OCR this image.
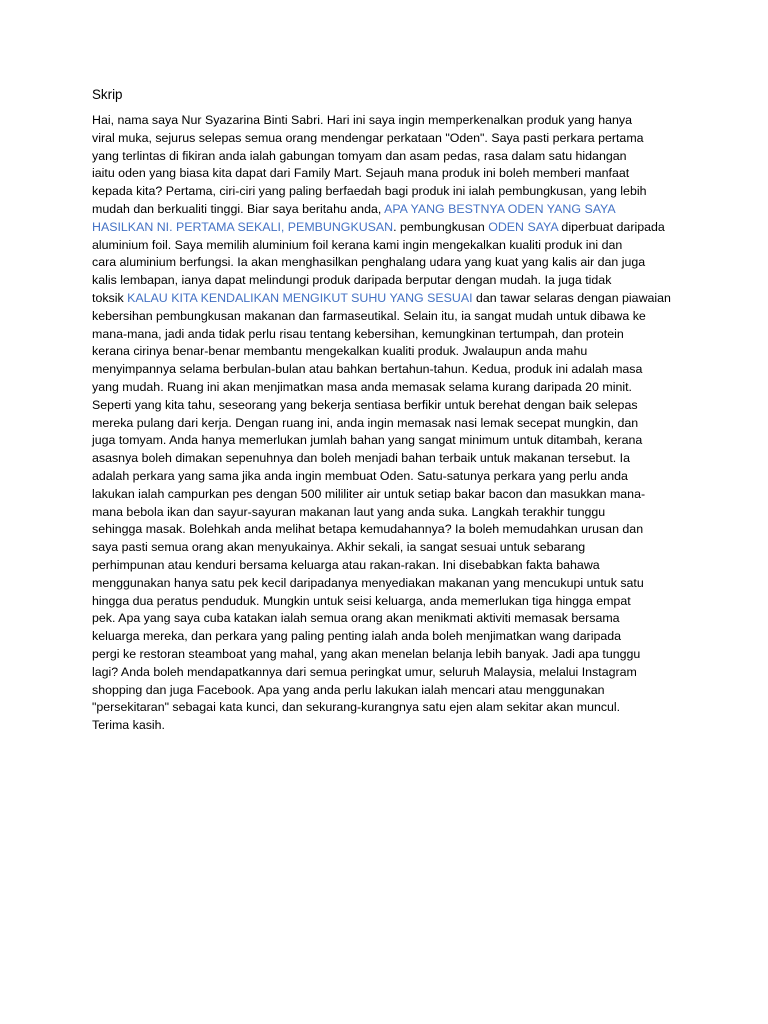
Skrip
Hai, nama saya Nur Syazarina Binti Sabri. Hari ini saya ingin memperkenalkan produk yang hanya
viral muka, sejurus selepas semua orang mendengar perkataan "Oden". Saya pasti perkara pertama
yang terlintas di fikiran anda ialah gabungan tomyam dan asam pedas, rasa dalam satu hidangan
iaitu oden yang biasa kita dapat dari Family Mart. Sejauh mana produk ini boleh memberi manfaat
kepada kita? Pertama, ciri-ciri yang paling berfaedah bagi produk ini ialah pembungkusan, yang lebih
mudah dan berkualiti tinggi. Biar saya beritahu anda, APA YANG BESTNYA ODEN YANG SAYA
HASILKAN NI. PERTAMA SEKALI, PEMBUNGKUSAN. pembungkusan ODEN SAYA diperbuat daripada
aluminium foil. Saya memilih aluminium foil kerana kami ingin mengekalkan kualiti produk ini dan
cara aluminium berfungsi. Ia akan menghasilkan penghalang udara yang kuat yang kalis air dan juga
kalis lembapan, ianya dapat melindungi produk daripada berputar dengan mudah. Ia juga tidak
toksik KALAU KITA KENDALIKAN MENGIKUT SUHU YANG SESUAI dan tawar selaras dengan piawaian
kebersihan pembungkusan makanan dan farmaseutikal. Selain itu, ia sangat mudah untuk dibawa ke
mana-mana, jadi anda tidak perlu risau tentang kebersihan, kemungkinan tertumpah, dan protein
kerana cirinya benar-benar membantu mengekalkan kualiti produk. Jwalaupun anda mahu
menyimpannya selama berbulan-bulan atau bahkan bertahun-tahun. Kedua, produk ini adalah masa
yang mudah. Ruang ini akan menjimatkan masa anda memasak selama kurang daripada 20 minit.
Seperti yang kita tahu, seseorang yang bekerja sentiasa berfikir untuk berehat dengan baik selepas
mereka pulang dari kerja. Dengan ruang ini, anda ingin memasak nasi lemak secepat mungkin, dan
juga tomyam. Anda hanya memerlukan jumlah bahan yang sangat minimum untuk ditambah, kerana
asasnya boleh dimakan sepenuhnya dan boleh menjadi bahan terbaik untuk makanan tersebut. Ia
adalah perkara yang sama jika anda ingin membuat Oden. Satu-satunya perkara yang perlu anda
lakukan ialah campurkan pes dengan 500 mililiter air untuk setiap bakar bacon dan masukkan mana-
mana bebola ikan dan sayur-sayuran makanan laut yang anda suka. Langkah terakhir tunggu
sehingga masak. Bolehkah anda melihat betapa kemudahannya? Ia boleh memudahkan urusan dan
saya pasti semua orang akan menyukainya. Akhir sekali, ia sangat sesuai untuk sebarang
perhimpunan atau kenduri bersama keluarga atau rakan-rakan. Ini disebabkan fakta bahawa
menggunakan hanya satu pek kecil daripadanya menyediakan makanan yang mencukupi untuk satu
hingga dua peratus penduduk. Mungkin untuk seisi keluarga, anda memerlukan tiga hingga empat
pek. Apa yang saya cuba katakan ialah semua orang akan menikmati aktiviti memasak bersama
keluarga mereka, dan perkara yang paling penting ialah anda boleh menjimatkan wang daripada
pergi ke restoran steamboat yang mahal, yang akan menelan belanja lebih banyak. Jadi apa tunggu
lagi? Anda boleh mendapatkannya dari semua peringkat umur, seluruh Malaysia, melalui Instagram
shopping dan juga Facebook. Apa yang anda perlu lakukan ialah mencari atau menggunakan
"persekitaran" sebagai kata kunci, dan sekurang-kurangnya satu ejen alam sekitar akan muncul.
Terima kasih.
